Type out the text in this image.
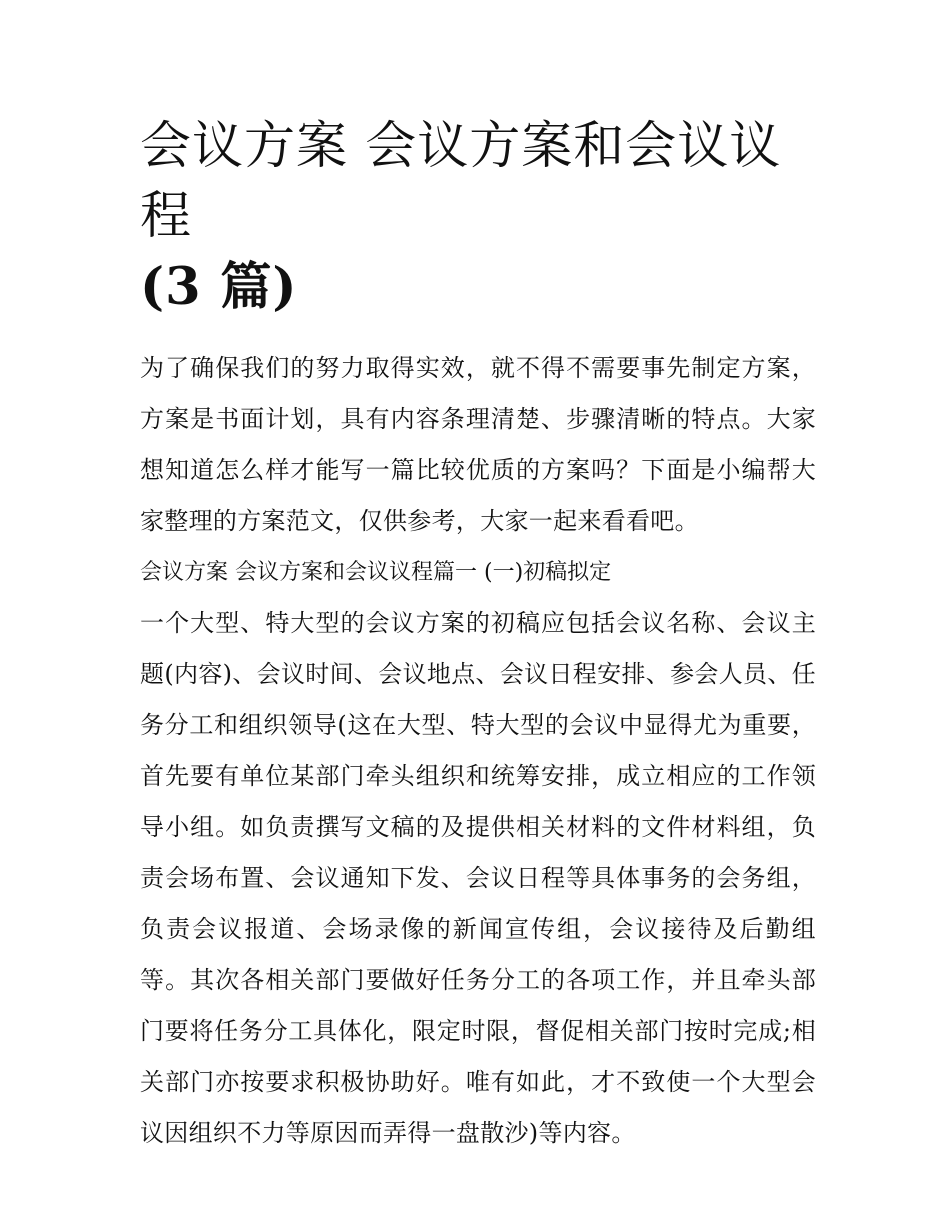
会议方案 会议方案和会议议程
(3 篇)

为了确保我们的努力取得实效，就不得不需要事先制定方案，方案是书面计划，具有内容条理清楚、步骤清晰的特点。大家想知道怎么样才能写一篇比较优质的方案吗？下面是小编帮大家整理的方案范文，仅供参考，大家一起来看看吧。

会议方案 会议方案和会议议程篇一 (一)初稿拟定

一个大型、特大型的会议方案的初稿应包括会议名称、会议主题(内容)、会议时间、会议地点、会议日程安排、参会人员、任务分工和组织领导(这在大型、特大型的会议中显得尤为重要，首先要有单位某部门牵头组织和统筹安排，成立相应的工作领导小组。如负责撰写文稿的及提供相关材料的文件材料组，负责会场布置、会议通知下发、会议日程等具体事务的会务组，负责会议报道、会场录像的新闻宣传组，会议接待及后勤组等。其次各相关部门要做好任务分工的各项工作，并且牵头部门要将任务分工具体化，限定时限，督促相关部门按时完成;相关部门亦按要求积极协助好。唯有如此，才不致使一个大型会议因组织不力等原因而弄得一盘散沙)等内容。
